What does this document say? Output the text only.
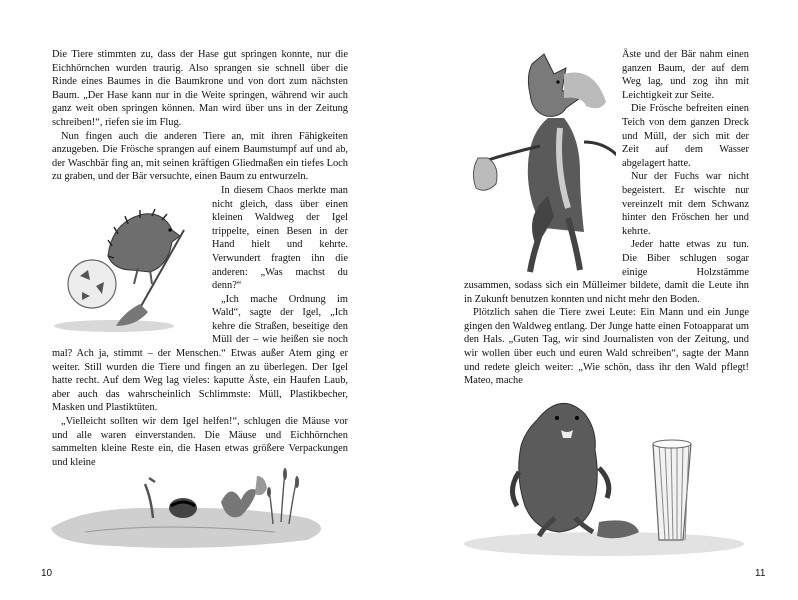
Die Tiere stimmten zu, dass der Hase gut springen konnte, nur die Eichhörnchen wurden traurig. Also sprangen sie schnell über die Rinde eines Baumes in die Baumkrone und von dort zum nächsten Baum. „Der Hase kann nur in die Weite springen, während wir auch ganz weit oben springen können. Man wird über uns in der Zeitung schreiben!“, riefen sie im Flug.

Nun fingen auch die anderen Tiere an, mit ihren Fähigkeiten anzugeben. Die Frösche sprangen auf einem Baumstumpf auf und ab, der Waschbär fing an, mit seinen kräftigen Gliedmaßen ein tiefes Loch zu graben, und der Bär versuchte, einen Baum zu entwurzeln.

In diesem Chaos merkte man nicht gleich, dass über einen kleinen Waldweg der Igel trippelte, einen Besen in der Hand hielt und kehrte. Verwundert fragten ihn die anderen: „Was machst du denn?“

„Ich mache Ordnung im Wald“, sagte der Igel, „Ich kehre die Straßen, beseitige den Müll der – wie heißen sie noch mal? Ach ja, stimmt – der Menschen.“ Etwas außer Atem ging er weiter. Still wurden die Tiere und fingen an zu überlegen. Der Igel hatte recht. Auf dem Weg lag vieles: kaputte Äste, ein Haufen Laub, aber auch das wahrscheinlich Schlimmste: Müll, Plastikbecher, Masken und Plastiktüten.

„Vielleicht sollten wir dem Igel helfen!“, schlugen die Mäuse vor und alle waren einverstanden. Die Mäuse und Eichhörnchen sammelten kleine Reste ein, die Hasen etwas größere Verpackungen und kleine

10

Äste und der Bär nahm einen ganzen Baum, der auf dem Weg lag, und zog ihn mit Leichtigkeit zur Seite.

Die Frösche befreiten einen Teich von dem ganzen Dreck und Müll, der sich mit der Zeit auf dem Wasser abgelagert hatte.

Nur der Fuchs war nicht begeistert. Er wischte nur vereinzelt mit dem Schwanz hinter den Fröschen her und kehrte.

Jeder hatte etwas zu tun. Die Biber schlugen sogar einige Holzstämme zusammen, sodass sich ein Mülleimer bildete, damit die Leute ihn in Zukunft benutzen konnten und nicht mehr den Boden.

Plötzlich sahen die Tiere zwei Leute: Ein Mann und ein Junge gingen den Waldweg entlang. Der Junge hatte einen Fotoapparat um den Hals. „Guten Tag, wir sind Journalisten von der Zeitung, und wir wollen über euch und euren Wald schreiben“, sagte der Mann und redete gleich weiter: „Wie schön, dass ihr den Wald pflegt! Mateo, mache

11
